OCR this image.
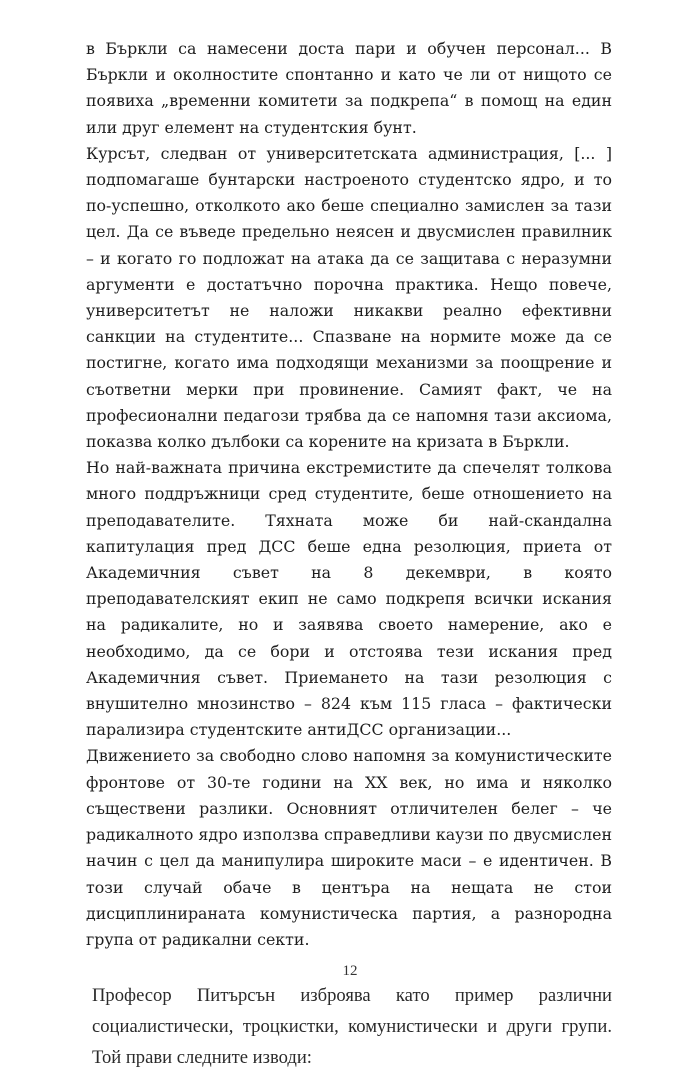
в Бъркли са намесени доста пари и обучен персонал... В Бъркли и околностите спонтанно и като че ли от нищото се появиха „временни комитети за подкрепа“ в помощ на един или друг елемент на студентския бунт.

Курсът, следван от университетската администрация, [... ] подпомагаше бунтарски настроеното студентско ядро, и то по-успешно, отколкото ако беше специално замислен за тази цел. Да се въведе предельно неясен и двусмислен правилник – и когато го подложат на атака да се защитава с неразумни аргументи е достатъчно порочна практика. Нещо повече, университетът не наложи никакви реално ефективни санкции на студентите... Спазване на нормите може да се постигне, когато има подходящи механизми за поощрение и съответни мерки при провинение. Самият факт, че на професионални педагози трябва да се напомня тази аксиома, показва колко дълбоки са корените на кризата в Бъркли.

Но най-важната причина екстремистите да спечелят толкова много поддръжници сред студентите, беше отношението на преподавателите. Тяхната може би най-скандална капитулация пред ДСС беше една резолюция, приета от Академичния съвет на 8 декември, в която преподавателският екип не само подкрепя всички искания на радикалите, но и заявява своето намерение, ако е необходимо, да се бори и отстоява тези искания пред Академичния съвет. Приемането на тази резолюция с внушително мнозинство – 824 към 115 гласа – фактически парализира студентските антиДСС организации...

Движението за свободно слово напомня за комунистическите фронтове от 30-те години на XX век, но има и няколко съществени разлики. Основният отличителен белег – че радикалното ядро използва справедливи каузи по двусмислен начин с цел да манипулира широките маси – е идентичен. В този случай обаче в центъра на нещата не стои дисциплинираната комунистическа партия, а разнородна група от радикални секти.

Професор Питърсън изброява като пример различни социалистически, троцкистки, комунистически и други групи. Той прави следните изводи:

12
